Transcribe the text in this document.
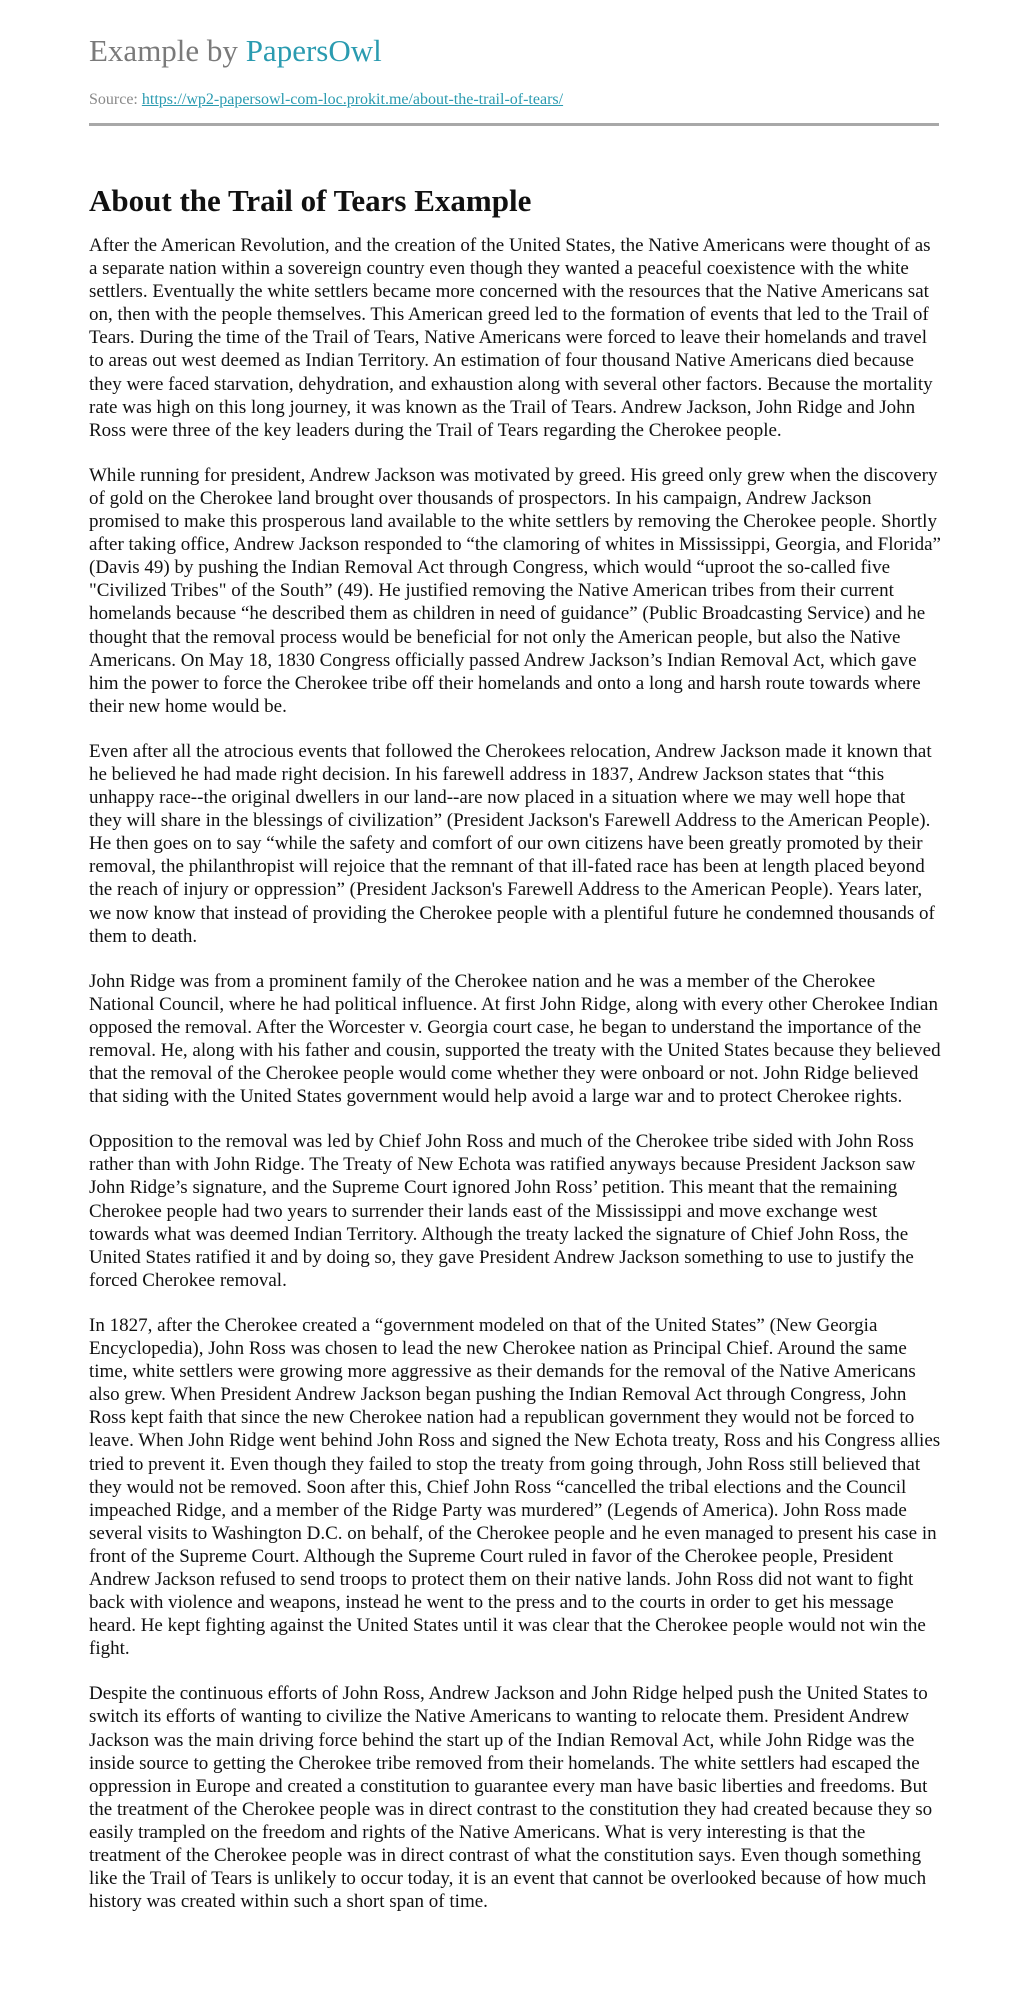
Example by PapersOwl
Source: https://wp2-papersowl-com-loc.prokit.me/about-the-trail-of-tears/
About the Trail of Tears Example

After the American Revolution, and the creation of the United States, the Native Americans were thought of as a separate nation within a sovereign country even though they wanted a peaceful coexistence with the white settlers. Eventually the white settlers became more concerned with the resources that the Native Americans sat on, then with the people themselves. This American greed led to the formation of events that led to the Trail of Tears. During the time of the Trail of Tears, Native Americans were forced to leave their homelands and travel to areas out west deemed as Indian Territory. An estimation of four thousand Native Americans died because they were faced starvation, dehydration, and exhaustion along with several other factors. Because the mortality rate was high on this long journey, it was known as the Trail of Tears. Andrew Jackson, John Ridge and John Ross were three of the key leaders during the Trail of Tears regarding the Cherokee people.

While running for president, Andrew Jackson was motivated by greed. His greed only grew when the discovery of gold on the Cherokee land brought over thousands of prospectors. In his campaign, Andrew Jackson promised to make this prosperous land available to the white settlers by removing the Cherokee people. Shortly after taking office, Andrew Jackson responded to “the clamoring of whites in Mississippi, Georgia, and Florida” (Davis 49) by pushing the Indian Removal Act through Congress, which would “uproot the so-called five "Civilized Tribes" of the South” (49). He justified removing the Native American tribes from their current homelands because “he described them as children in need of guidance” (Public Broadcasting Service) and he thought that the removal process would be beneficial for not only the American people, but also the Native Americans. On May 18, 1830 Congress officially passed Andrew Jackson’s Indian Removal Act, which gave him the power to force the Cherokee tribe off their homelands and onto a long and harsh route towards where their new home would be.

Even after all the atrocious events that followed the Cherokees relocation, Andrew Jackson made it known that he believed he had made right decision. In his farewell address in 1837, Andrew Jackson states that “this unhappy race--the original dwellers in our land--are now placed in a situation where we may well hope that they will share in the blessings of civilization” (President Jackson's Farewell Address to the American People). He then goes on to say “while the safety and comfort of our own citizens have been greatly promoted by their removal, the philanthropist will rejoice that the remnant of that ill-fated race has been at length placed beyond the reach of injury or oppression” (President Jackson's Farewell Address to the American People). Years later, we now know that instead of providing the Cherokee people with a plentiful future he condemned thousands of them to death.

John Ridge was from a prominent family of the Cherokee nation and he was a member of the Cherokee National Council, where he had political influence. At first John Ridge, along with every other Cherokee Indian opposed the removal. After the Worcester v. Georgia court case, he began to understand the importance of the removal. He, along with his father and cousin, supported the treaty with the United States because they believed that the removal of the Cherokee people would come whether they were onboard or not. John Ridge believed that siding with the United States government would help avoid a large war and to protect Cherokee rights.

Opposition to the removal was led by Chief John Ross and much of the Cherokee tribe sided with John Ross rather than with John Ridge. The Treaty of New Echota was ratified anyways because President Jackson saw John Ridge’s signature, and the Supreme Court ignored John Ross’ petition. This meant that the remaining Cherokee people had two years to surrender their lands east of the Mississippi and move exchange west towards what was deemed Indian Territory. Although the treaty lacked the signature of Chief John Ross, the United States ratified it and by doing so, they gave President Andrew Jackson something to use to justify the forced Cherokee removal.

In 1827, after the Cherokee created a “government modeled on that of the United States” (New Georgia Encyclopedia), John Ross was chosen to lead the new Cherokee nation as Principal Chief. Around the same time, white settlers were growing more aggressive as their demands for the removal of the Native Americans also grew. When President Andrew Jackson began pushing the Indian Removal Act through Congress, John Ross kept faith that since the new Cherokee nation had a republican government they would not be forced to leave. When John Ridge went behind John Ross and signed the New Echota treaty, Ross and his Congress allies tried to prevent it. Even though they failed to stop the treaty from going through, John Ross still believed that they would not be removed. Soon after this, Chief John Ross “cancelled the tribal elections and the Council impeached Ridge, and a member of the Ridge Party was murdered” (Legends of America). John Ross made several visits to Washington D.C. on behalf, of the Cherokee people and he even managed to present his case in front of the Supreme Court. Although the Supreme Court ruled in favor of the Cherokee people, President Andrew Jackson refused to send troops to protect them on their native lands. John Ross did not want to fight back with violence and weapons, instead he went to the press and to the courts in order to get his message heard. He kept fighting against the United States until it was clear that the Cherokee people would not win the fight.

Despite the continuous efforts of John Ross, Andrew Jackson and John Ridge helped push the United States to switch its efforts of wanting to civilize the Native Americans to wanting to relocate them. President Andrew Jackson was the main driving force behind the start up of the Indian Removal Act, while John Ridge was the inside source to getting the Cherokee tribe removed from their homelands. The white settlers had escaped the oppression in Europe and created a constitution to guarantee every man have basic liberties and freedoms. But the treatment of the Cherokee people was in direct contrast to the constitution they had created because they so easily trampled on the freedom and rights of the Native Americans. What is very interesting is that the treatment of the Cherokee people was in direct contrast of what the constitution says. Even though something like the Trail of Tears is unlikely to occur today, it is an event that cannot be overlooked because of how much history was created within such a short span of time.
